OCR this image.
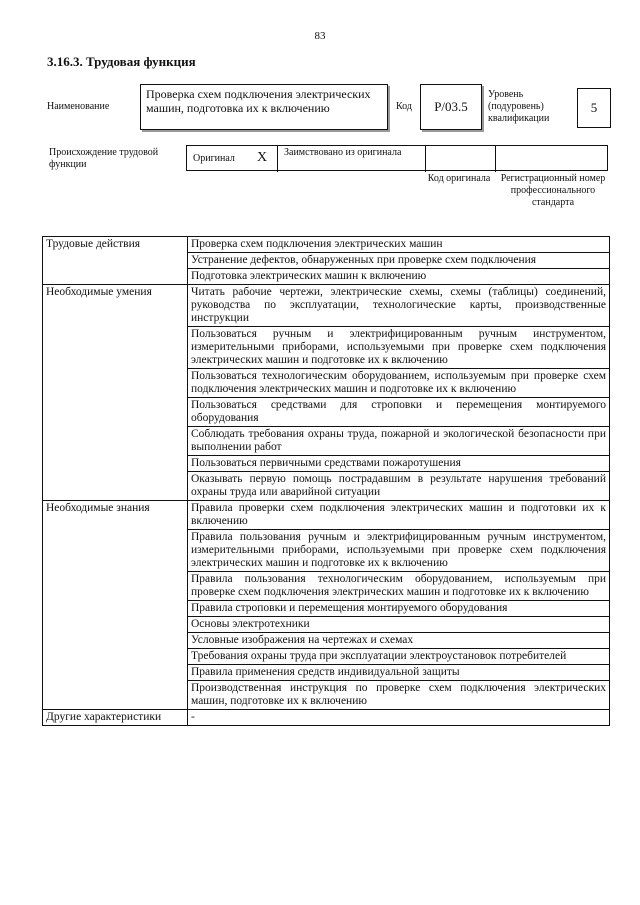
83
3.16.3. Трудовая функция
Наименование
Проверка схем подключения электрических машин, подготовка их к включению	Код	P/03.5
Уровень (подуровень) квалификации
5
Происхождение трудовой функции
Оригинал X Заимствовано из оригинала
Код оригинала Регистрационный номер профессионального стандарта
Трудовые действия	Проверка схем подключения электрических машин
	Устранение дефектов, обнаруженных при проверке схем подключения
	Подготовка электрических машин к включению
Необходимые умения	Читать рабочие чертежи, электрические схемы, схемы (таблицы) соединений, руководства по эксплуатации, технологические карты, производственные инструкции
	Пользоваться ручным и электрифицированным ручным инструментом, измерительными приборами, используемыми при проверке схем подключения электрических машин и подготовке их к включению
	Пользоваться технологическим оборудованием, используемым при проверке схем подключения электрических машин и подготовке их к включению
	Пользоваться средствами для строповки и перемещения монтируемого оборудования
	Соблюдать требования охраны труда, пожарной и экологической безопасности при выполнении работ
	Пользоваться первичными средствами пожаротушения
	Оказывать первую помощь пострадавшим в результате нарушения требований охраны труда или аварийной ситуации
Необходимые знания	Правила проверки схем подключения электрических машин и подготовки их к включению
	Правила пользования ручным и электрифицированным ручным инструментом, измерительными приборами, используемыми при проверке схем подключения электрических машин и подготовке их к включению
	Правила пользования технологическим оборудованием, используемым при проверке схем подключения электрических машин и подготовке их к включению
	Правила строповки и перемещения монтируемого оборудования
	Основы электротехники
	Условные изображения на чертежах и схемах
	Требования охраны труда при эксплуатации электроустановок потребителей
	Правила применения средств индивидуальной защиты
	Производственная инструкция по проверке схем подключения электрических машин, подготовке их к включению
Другие характеристики	-
